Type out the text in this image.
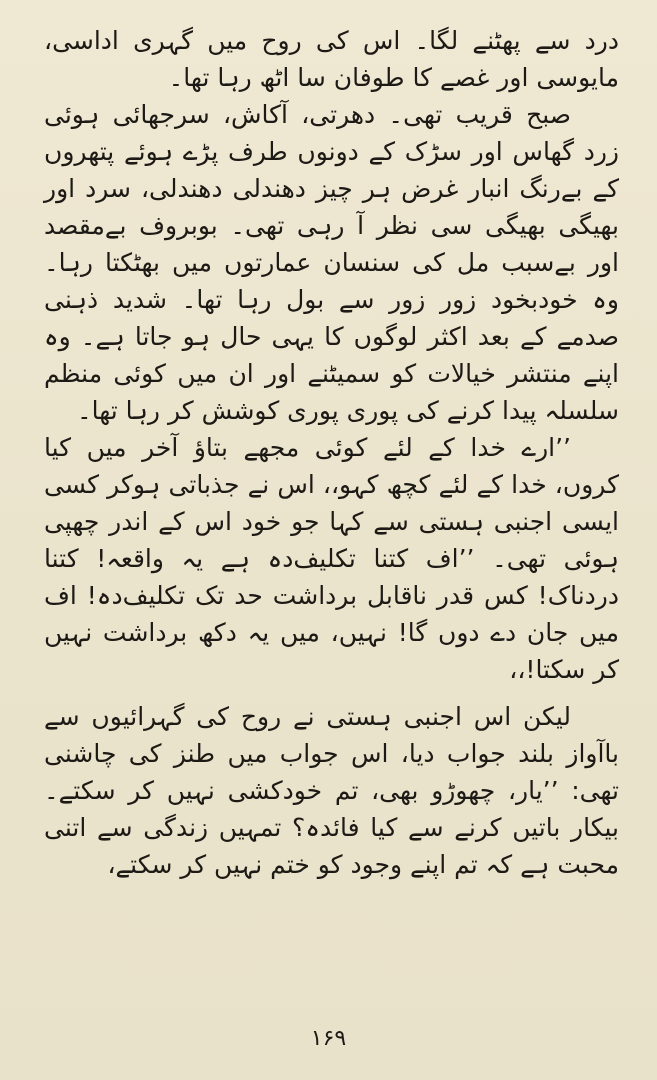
درد سے پھٹنے لگا۔ اس کی روح میں گہری اداسی، مایوسی اور غصے کا طوفان سا اٹھ رہا تھا۔

صبح قریب تھی۔ دھرتی، آکاش، سرجھائی ہوئی زرد گھاس اور سڑک کے دونوں طرف پڑے ہوئے پتھروں کے بےرنگ انبار غرض ہر چیز دھندلی دھندلی، سرد اور بھیگی بھیگی سی نظر آ رہی تھی۔ بوبروف بےمقصد اور بےسبب مل کی سنسان عمارتوں میں بھٹکتا رہا۔ وہ خودبخود زور زور سے بول رہا تھا۔ شدید ذہنی صدمے کے بعد اکثر لوگوں کا یہی حال ہو جاتا ہے۔ وہ اپنے منتشر خیالات کو سمیٹنے اور ان میں کوئی منظم سلسلہ پیدا کرنے کی پوری پوری کوشش کر رہا تھا۔

’’ارے خدا کے لئے کوئی مجھے بتاؤ آخر میں کیا کروں، خدا کے لئے کچھ کہو،، اس نے جذباتی ہوکر کسی ایسی اجنبی ہستی سے کہا جو خود اس کے اندر چھپی ہوئی تھی۔ ’’اف کتنا تکلیف‌دہ ہے یہ واقعہ! کتنا دردناک! کس قدر ناقابل برداشت حد تک تکلیف‌دہ! اف میں جان دے دوں گا! نہیں، میں یہ دکھ برداشت نہیں کر سکتا!،،

لیکن اس اجنبی ہستی نے روح کی گہرائیوں سے باآواز بلند جواب دیا، اس جواب میں طنز کی چاشنی تھی: ’’یار، چھوڑو بھی، تم خودکشی نہیں کر سکتے۔ بیکار باتیں کرنے سے کیا فائدہ؟ تمہیں زندگی سے اتنی محبت ہے کہ تم اپنے وجود کو ختم نہیں کر سکتے،

۱۶۹
